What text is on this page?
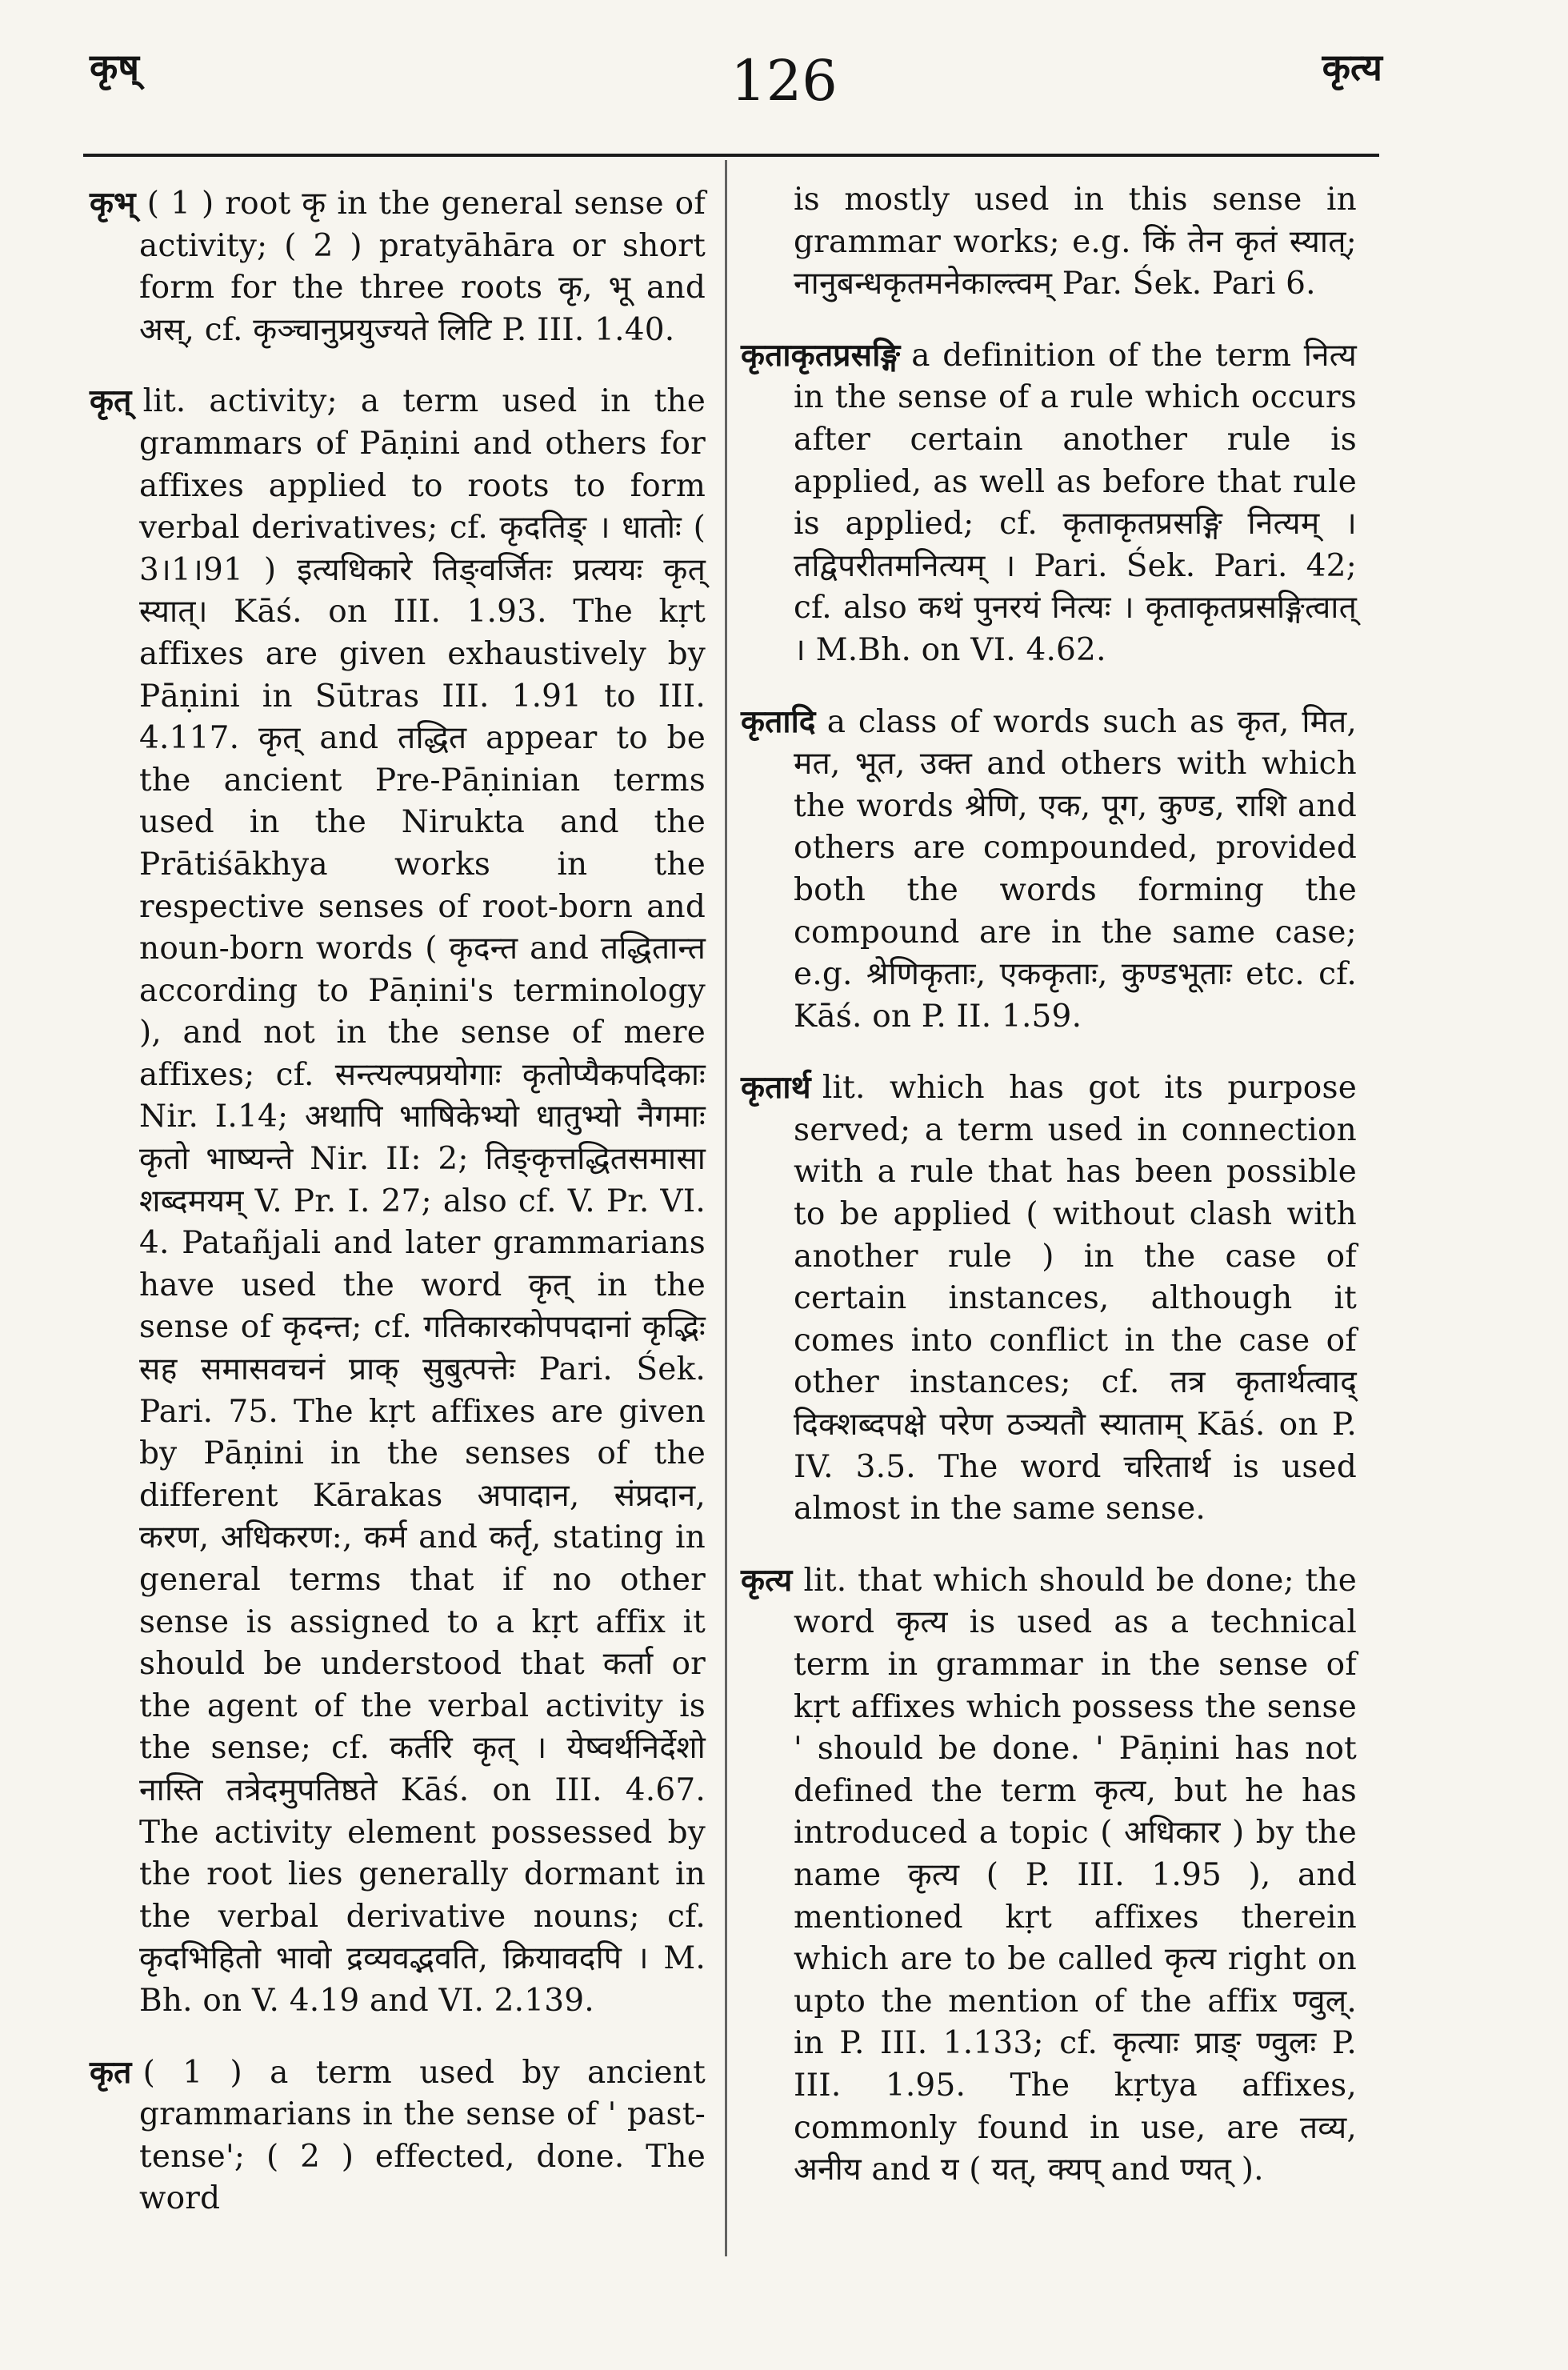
कृष्	126	कृत्य

कृभ् ( 1 ) root कृ in the general sense of activity; ( 2 ) pratyāhāra or short form for the three roots कृ, भू and अस्, cf. कृञ्चानुप्रयुज्यते लिटि P. III. 1.40.

कृत् lit. activity; a term used in the grammars of Pāṇini and others for affixes applied to roots to form verbal derivatives; cf. कृदतिङ् । धातोः ( 3।1।91 ) इत्यधिकारे तिङ्वर्जितः प्रत्ययः कृत् स्यात्। Kāś. on III. 1.93. The kṛt affixes are given exhaustively by Pāṇini in Sūtras III. 1.91 to III. 4.117. कृत् and तद्धित appear to be the ancient Pre-Pāṇinian terms used in the Nirukta and the Prātiśākhya works in the respective senses of root-born and noun-born words ( कृदन्त and तद्धितान्त according to Pāṇini's terminology ), and not in the sense of mere affixes; cf. सन्त्यल्पप्रयोगाः कृतोप्यैकपदिकाः Nir. I.14; अथापि भाषिकेभ्यो धातुभ्यो नैगमाः कृतो भाष्यन्ते Nir. II: 2; तिङ्कृत्तद्धितसमासा शब्दमयम् V. Pr. I. 27; also cf. V. Pr. VI. 4. Patañjali and later grammarians have used the word कृत् in the sense of कृदन्त; cf. गतिकारकोपपदानां कृद्भिः सह समासवचनं प्राक् सुबुत्पत्तेः Pari. Śek. Pari. 75. The kṛt affixes are given by Pāṇini in the senses of the different Kārakas अपादान, संप्रदान, करण, अधिकरण:, कर्म and कर्तृ, stating in general terms that if no other sense is assigned to a kṛt affix it should be understood that कर्ता or the agent of the verbal activity is the sense; cf. कर्तरि कृत् । येष्वर्थनिर्देशो नास्ति तत्रेदमुपतिष्ठते Kāś. on III. 4.67. The activity element possessed by the root lies generally dormant in the verbal derivative nouns; cf. कृदभिहितो भावो द्रव्यवद्भवति, क्रियावदपि । M. Bh. on V. 4.19 and VI. 2.139.

कृत ( 1 ) a term used by ancient grammarians in the sense of ' past-tense'; ( 2 ) effected, done. The word

is mostly used in this sense in grammar works; e.g. किं तेन कृतं स्यात्; नानुबन्धकृतमनेकाल्त्वम् Par. Śek. Pari 6.

कृताकृतप्रसङ्गि a definition of the term नित्य in the sense of a rule which occurs after certain another rule is applied, as well as before that rule is applied; cf. कृताकृतप्रसङ्गि नित्यम् । तद्विपरीतमनित्यम् । Pari. Śek. Pari. 42; cf. also कथं पुनरयं नित्यः । कृताकृतप्रसङ्गित्वात् । M.Bh. on VI. 4.62.

कृतादि a class of words such as कृत, मित, मत, भूत, उक्त and others with which the words श्रेणि, एक, पूग, कुण्ड, राशि and others are compounded, provided both the words forming the compound are in the same case; e.g. श्रेणिकृताः, एककृताः, कुण्डभूताः etc. cf. Kāś. on P. II. 1.59.

कृतार्थ lit. which has got its purpose served; a term used in connection with a rule that has been possible to be applied ( without clash with another rule ) in the case of certain instances, although it comes into conflict in the case of other instances; cf. तत्र कृतार्थत्वाद् दिक्शब्दपक्षे परेण ठञ्यतौ स्याताम् Kāś. on P. IV. 3.5. The word चरितार्थ is used almost in the same sense.

कृत्य lit. that which should be done; the word कृत्य is used as a technical term in grammar in the sense of kṛt affixes which possess the sense ' should be done. ' Pāṇini has not defined the term कृत्य, but he has introduced a topic ( अधिकार ) by the name कृत्य ( P. III. 1.95 ), and mentioned kṛt affixes therein which are to be called कृत्य right on upto the mention of the affix ण्वुल्. in P. III. 1.133; cf. कृत्याः प्राङ् ण्वुलः P. III. 1.95. The kṛtya affixes, commonly found in use, are तव्य, अनीय and य ( यत्, क्यप् and ण्यत् ).
